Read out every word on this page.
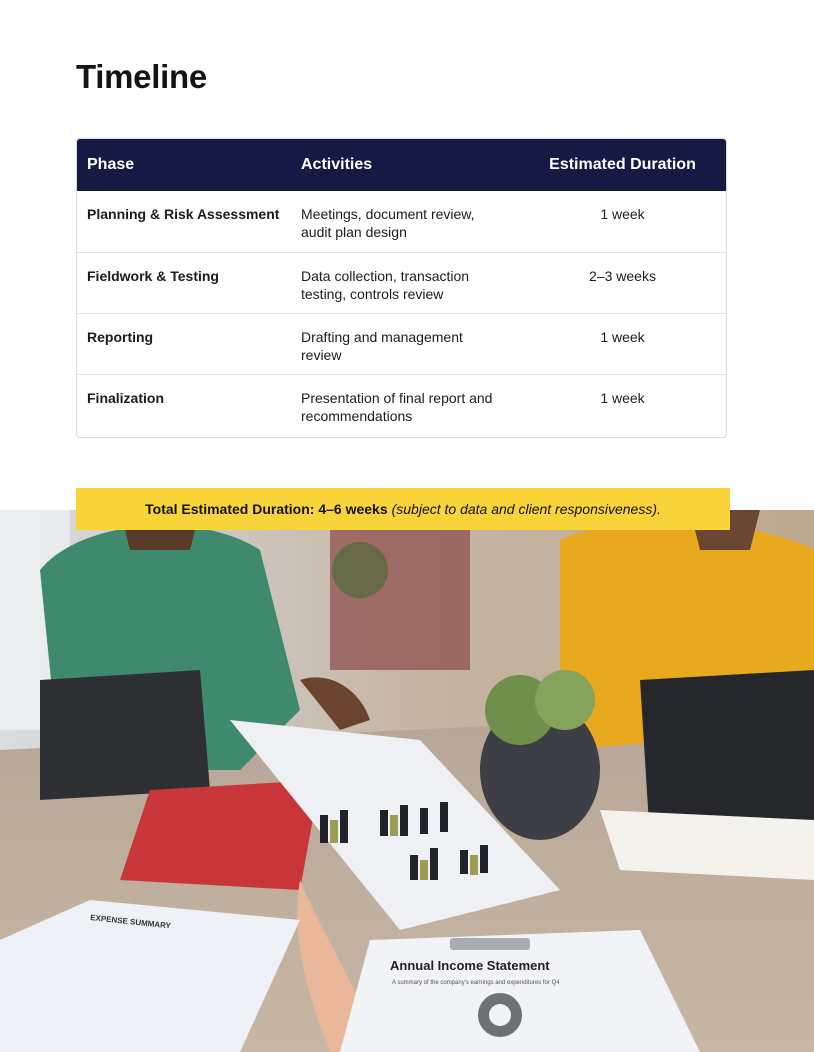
Timeline
Phase	Activities	Estimated Duration
Planning & Risk Assessment	Meetings, document review, audit plan design	1 week
Fieldwork & Testing	Data collection, transaction testing, controls review	2–3 weeks
Reporting	Drafting and management review	1 week
Finalization	Presentation of final report and recommendations	1 week
Total Estimated Duration: 4–6 weeks (subject to data and client responsiveness).
EXPENSE SUMMARY
Annual Income Statement
A summary of the company's earnings and expenditures for Q4
